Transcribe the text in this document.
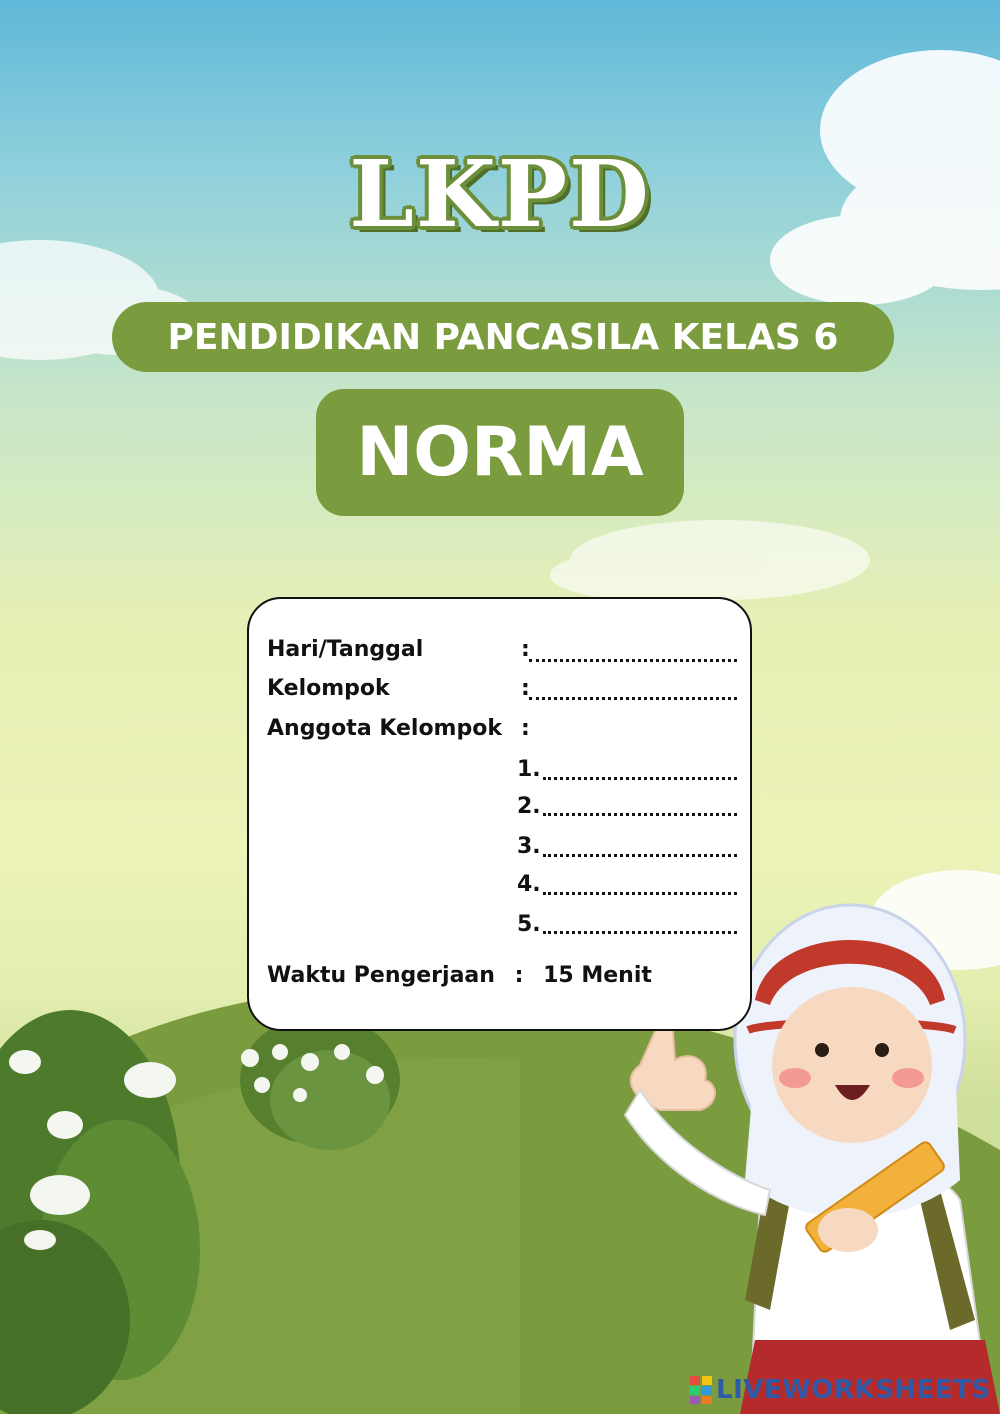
LKPD
PENDIDIKAN PANCASILA KELAS 6
NORMA
Hari/Tanggal	:
Kelompok	:
Anggota Kelompok :
1.
2.
3.
4.
5.
Waktu Pengerjaan : 15 Menit
LIVEWORKSHEETS
